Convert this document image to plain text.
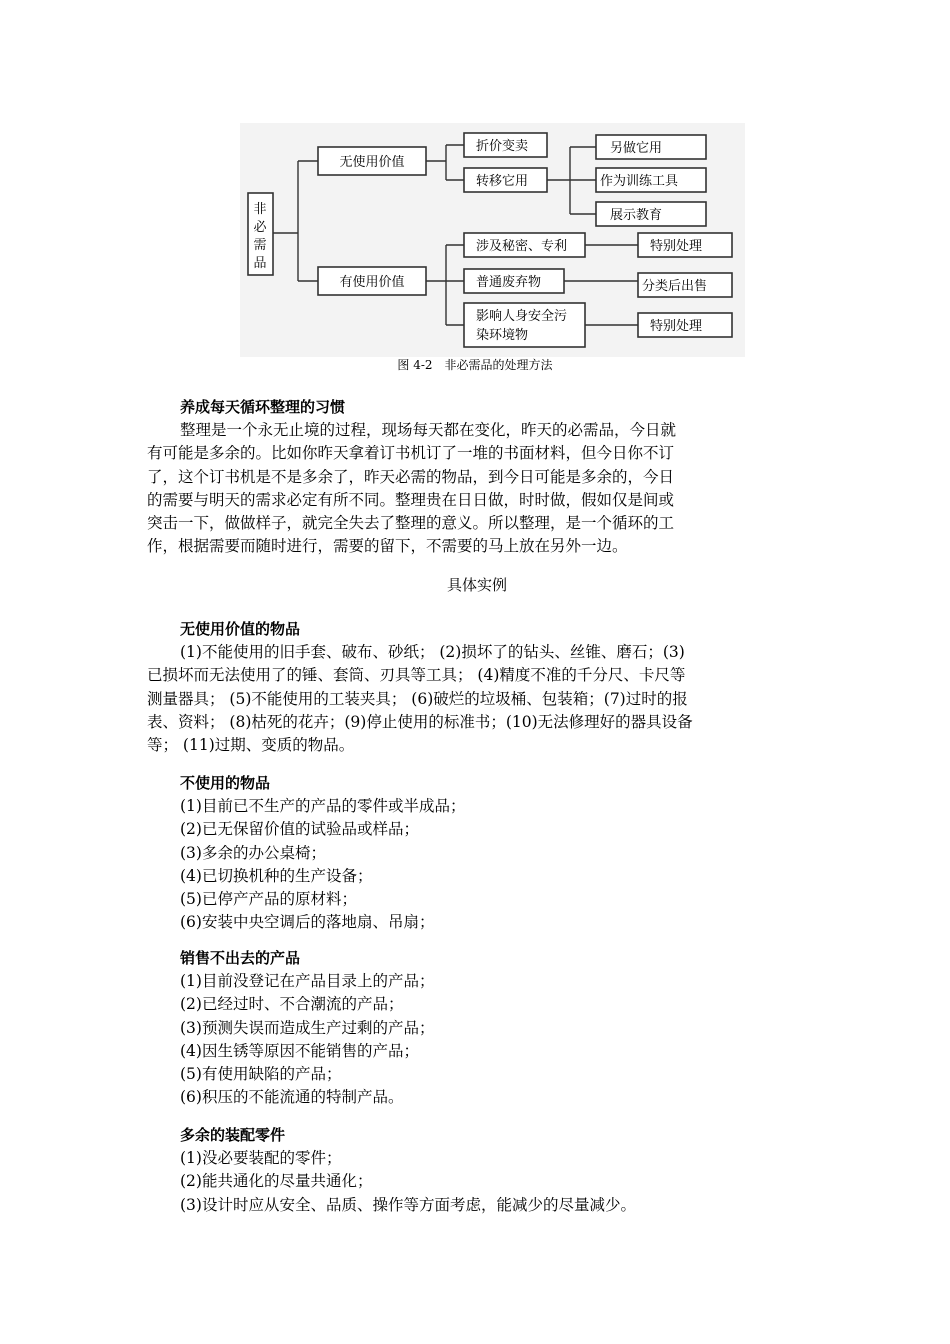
非必需品
无使用价值
有使用价值
折价变卖
转移它用
另做它用
作为训练工具
展示教育
涉及秘密、专利
普通废弃物
影响人身安全污
染环境物
特别处理
分类后出售
特别处理
图 4-2　非必需品的处理方法
养成每天循环整理的习惯
整理是一个永无止境的过程，现场每天都在变化，昨天的必需品，今日就
有可能是多余的。比如你昨天拿着订书机订了一堆的书面材料，但今日你不订
了，这个订书机是不是多余了，昨天必需的物品，到今日可能是多余的，今日
的需要与明天的需求必定有所不同。整理贵在日日做，时时做，假如仅是间或
突击一下，做做样子，就完全失去了整理的意义。所以整理，是一个循环的工
作，根据需要而随时进行，需要的留下，不需要的马上放在另外一边。
具体实例
无使用价值的物品
(1)不能使用的旧手套、破布、砂纸； (2)损坏了的钻头、丝锥、磨石；(3)
已损坏而无法使用了的锤、套筒、刃具等工具； (4)精度不准的千分尺、卡尺等
测量器具； (5)不能使用的工装夹具； (6)破烂的垃圾桶、包装箱；(7)过时的报
表、资料； (8)枯死的花卉；(9)停止使用的标准书；(10)无法修理好的器具设备
等； (11)过期、变质的物品。
不使用的物品
(1)目前已不生产的产品的零件或半成品；
(2)已无保留价值的试验品或样品；
(3)多余的办公桌椅；
(4)已切换机种的生产设备；
(5)已停产产品的原材料；
(6)安装中央空调后的落地扇、吊扇；
销售不出去的产品
(1)目前没登记在产品目录上的产品；
(2)已经过时、不合潮流的产品；
(3)预测失误而造成生产过剩的产品；
(4)因生锈等原因不能销售的产品；
(5)有使用缺陷的产品；
(6)积压的不能流通的特制产品。
多余的装配零件
(1)没必要装配的零件；
(2)能共通化的尽量共通化；
(3)设计时应从安全、品质、操作等方面考虑，能减少的尽量减少。
